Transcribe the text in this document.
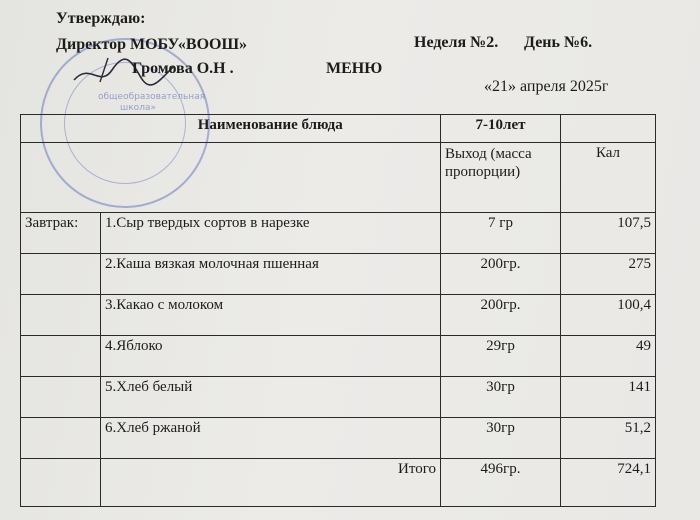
общеобразовательная школа»
Утверждаю:
Директор МОБУ«ВООШ»
Громова О.Н .	МЕНЮ
Неделя №2. День №6.
«21» апреля 2025г
	Наименование блюда	7-10лет	
		Выход (масса пропорции)	Кал
Завтрак:	1.Сыр твердых сортов в нарезке	7 гр	107,5
	2.Каша вязкая молочная пшенная	200гр.	275
	3.Какао с молоком	200гр.	100,4
	4.Яблоко	29гр	49
	5.Хлеб белый	30гр	141
	6.Хлеб ржаной	30гр	51,2
	Итого	496гр.	724,1
